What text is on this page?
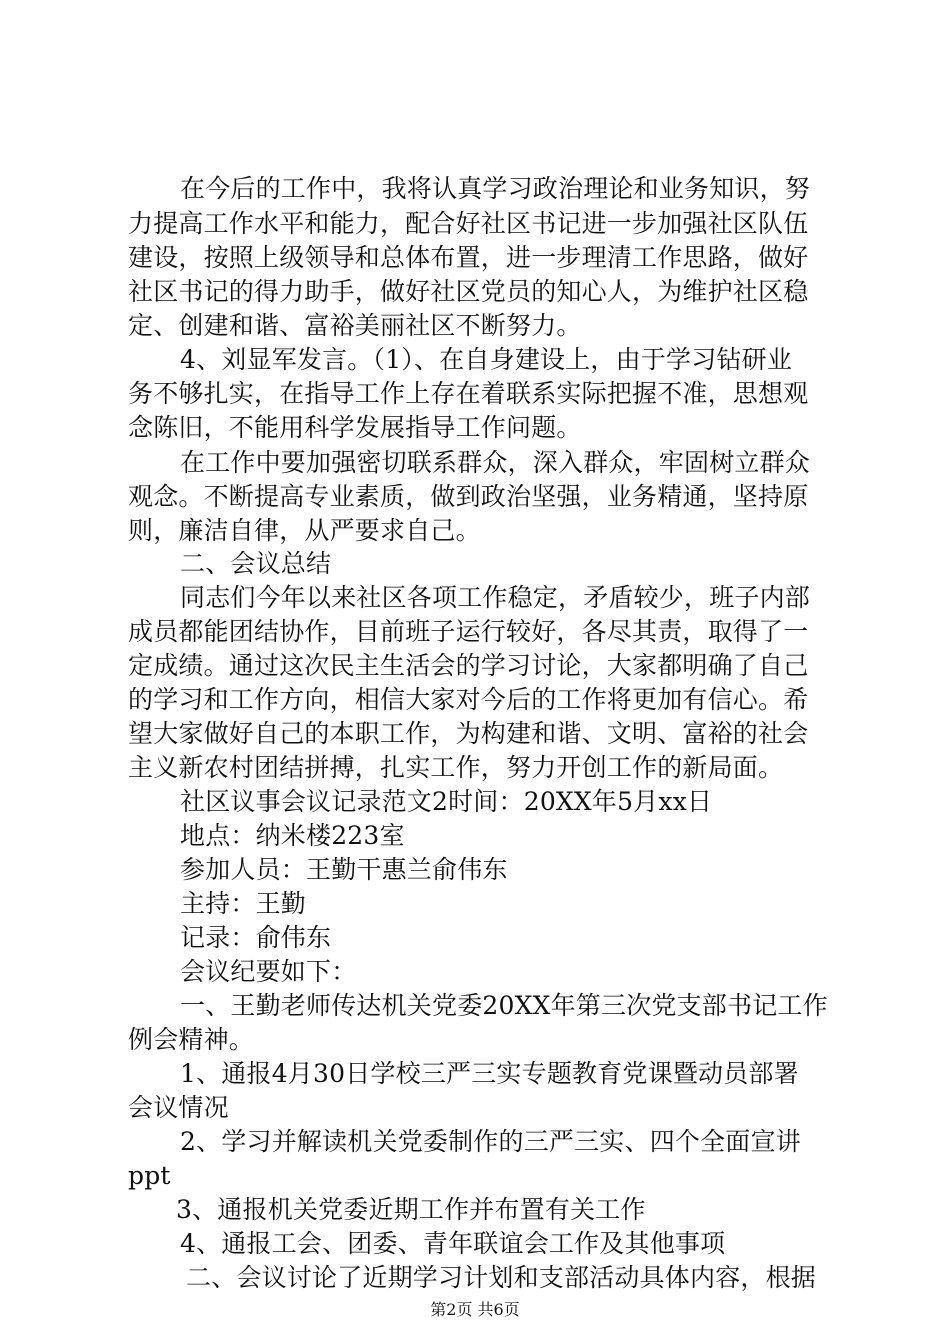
在今后的工作中，我将认真学习政治理论和业务知识，努
力提高工作水平和能力，配合好社区书记进一步加强社区队伍
建设，按照上级领导和总体布置，进一步理清工作思路，做好
社区书记的得力助手，做好社区党员的知心人，为维护社区稳
定、创建和谐、富裕美丽社区不断努力。
4、刘显军发言。（1）、在自身建设上，由于学习钻研业
务不够扎实，在指导工作上存在着联系实际把握不准，思想观
念陈旧，不能用科学发展指导工作问题。
在工作中要加强密切联系群众，深入群众，牢固树立群众
观念。不断提高专业素质，做到政治坚强，业务精通，坚持原
则，廉洁自律，从严要求自己。
二、会议总结
同志们今年以来社区各项工作稳定，矛盾较少，班子内部
成员都能团结协作，目前班子运行较好，各尽其责，取得了一
定成绩。通过这次民主生活会的学习讨论，大家都明确了自己
的学习和工作方向，相信大家对今后的工作将更加有信心。希
望大家做好自己的本职工作，为构建和谐、文明、富裕的社会
主义新农村团结拼搏，扎实工作，努力开创工作的新局面。
社区议事会议记录范文2时间：20XX年5月xx日
地点：纳米楼223室
参加人员：王勤干惠兰俞伟东
主持：王勤
记录：俞伟东
会议纪要如下：
一、王勤老师传达机关党委20XX年第三次党支部书记工作
例会精神。
1、通报4月30日学校三严三实专题教育党课暨动员部署
会议情况
2、学习并解读机关党委制作的三严三实、四个全面宣讲
ppt
3、通报机关党委近期工作并布置有关工作
4、通报工会、团委、青年联谊会工作及其他事项
二、会议讨论了近期学习计划和支部活动具体内容，根据
第2页 共6页
